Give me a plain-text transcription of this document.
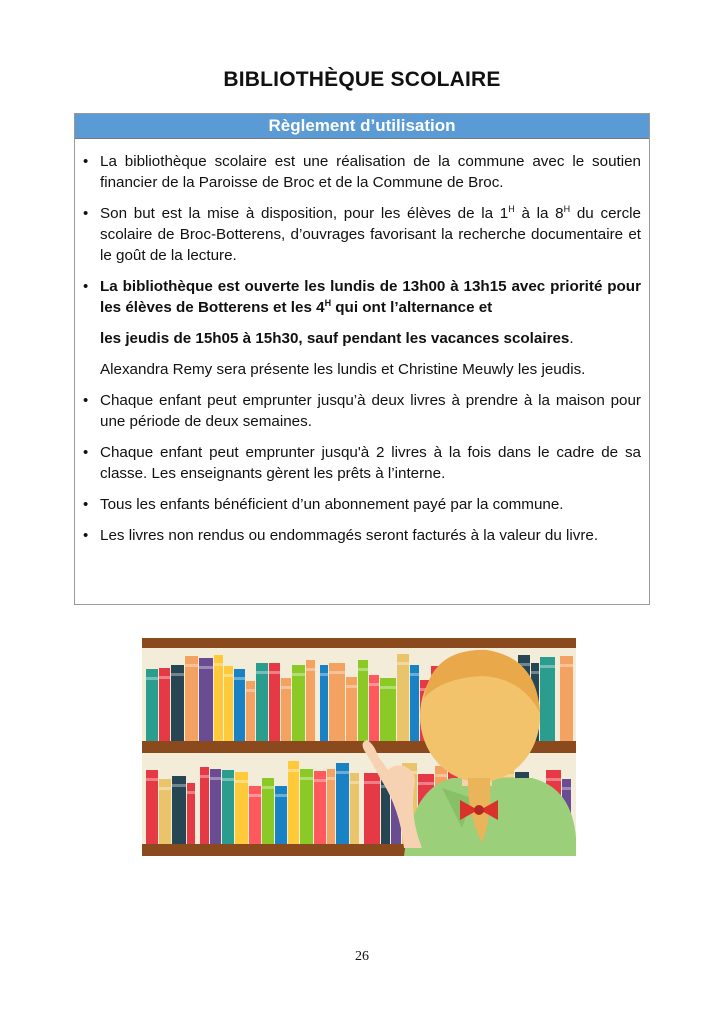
BIBLIOTHÈQUE SCOLAIRE
Règlement d’utilisation
• La bibliothèque scolaire est une réalisation de la commune avec le soutien financier de la Paroisse de Broc et de la Commune de Broc.
• Son but est la mise à disposition, pour les élèves de la $1^H$ à la $8^H$ du cercle scolaire de Broc-Botterens, d’ouvrages favorisant la recherche documentaire et le goût de la lecture.
• La bibliothèque est ouverte les lundis de 13h00 à 13h15 avec priorité pour les élèves de Botterens et les $4^H$ qui ont l’alternance et

les jeudis de 15h05 à 15h30, sauf pendant les vacances scolaires.

Alexandra Remy sera présente les lundis et Christine Meuwly les jeudis.

• Chaque enfant peut emprunter jusqu’à deux livres à prendre à la maison pour une période de deux semaines.
• Chaque enfant peut emprunter jusqu'à 2 livres à la fois dans le cadre de sa classe. Les enseignants gèrent les prêts à l’interne.
• Tous les enfants bénéficient d’un abonnement payé par la commune.
• Les livres non rendus ou endommagés seront facturés à la valeur du livre.
26
